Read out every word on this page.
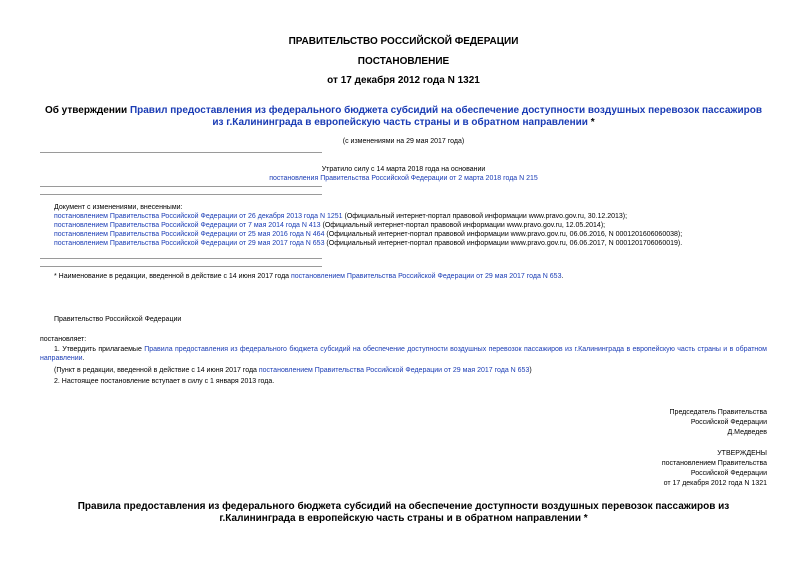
ПРАВИТЕЛЬСТВО РОССИЙСКОЙ ФЕДЕРАЦИИ
ПОСТАНОВЛЕНИЕ
от 17 декабря 2012 года N 1321
Об утверждении Правил предоставления из федерального бюджета субсидий на обеспечение доступности воздушных перевозок пассажиров из г.Калининграда в европейскую часть страны и в обратном направлении *
(с изменениями на 29 мая 2017 года)
Утратило силу с 14 марта 2018 года на основании
постановления Правительства Российской Федерации от 2 марта 2018 года N 215
Документ с изменениями, внесенными:
постановлением Правительства Российской Федерации от 26 декабря 2013 года N 1251 (Официальный интернет-портал правовой информации www.pravo.gov.ru, 30.12.2013);
постановлением Правительства Российской Федерации от 7 мая 2014 года N 413 (Официальный интернет-портал правовой информации www.pravo.gov.ru, 12.05.2014);
постановлением Правительства Российской Федерации от 25 мая 2016 года N 464 (Официальный интернет-портал правовой информации www.pravo.gov.ru, 06.06.2016, N 0001201606060038);
постановлением Правительства Российской Федерации от 29 мая 2017 года N 653 (Официальный интернет-портал правовой информации www.pravo.gov.ru, 06.06.2017, N 0001201706060019).
* Наименование в редакции, введенной в действие с 14 июня 2017 года постановлением Правительства Российской Федерации от 29 мая 2017 года N 653.
Правительство Российской Федерации
постановляет:
1. Утвердить прилагаемые Правила предоставления из федерального бюджета субсидий на обеспечение доступности воздушных перевозок пассажиров из г.Калининграда в европейскую часть страны и в обратном направлении.
(Пункт в редакции, введенной в действие с 14 июня 2017 года постановлением Правительства Российской Федерации от 29 мая 2017 года N 653)
2. Настоящее постановление вступает в силу с 1 января 2013 года.
Председатель Правительства
Российской Федерации
Д.Медведев
УТВЕРЖДЕНЫ
постановлением Правительства
Российской Федерации
от 17 декабря 2012 года N 1321
Правила предоставления из федерального бюджета субсидий на обеспечение доступности воздушных перевозок пассажиров из г.Калининграда в европейскую часть страны и в обратном направлении *
